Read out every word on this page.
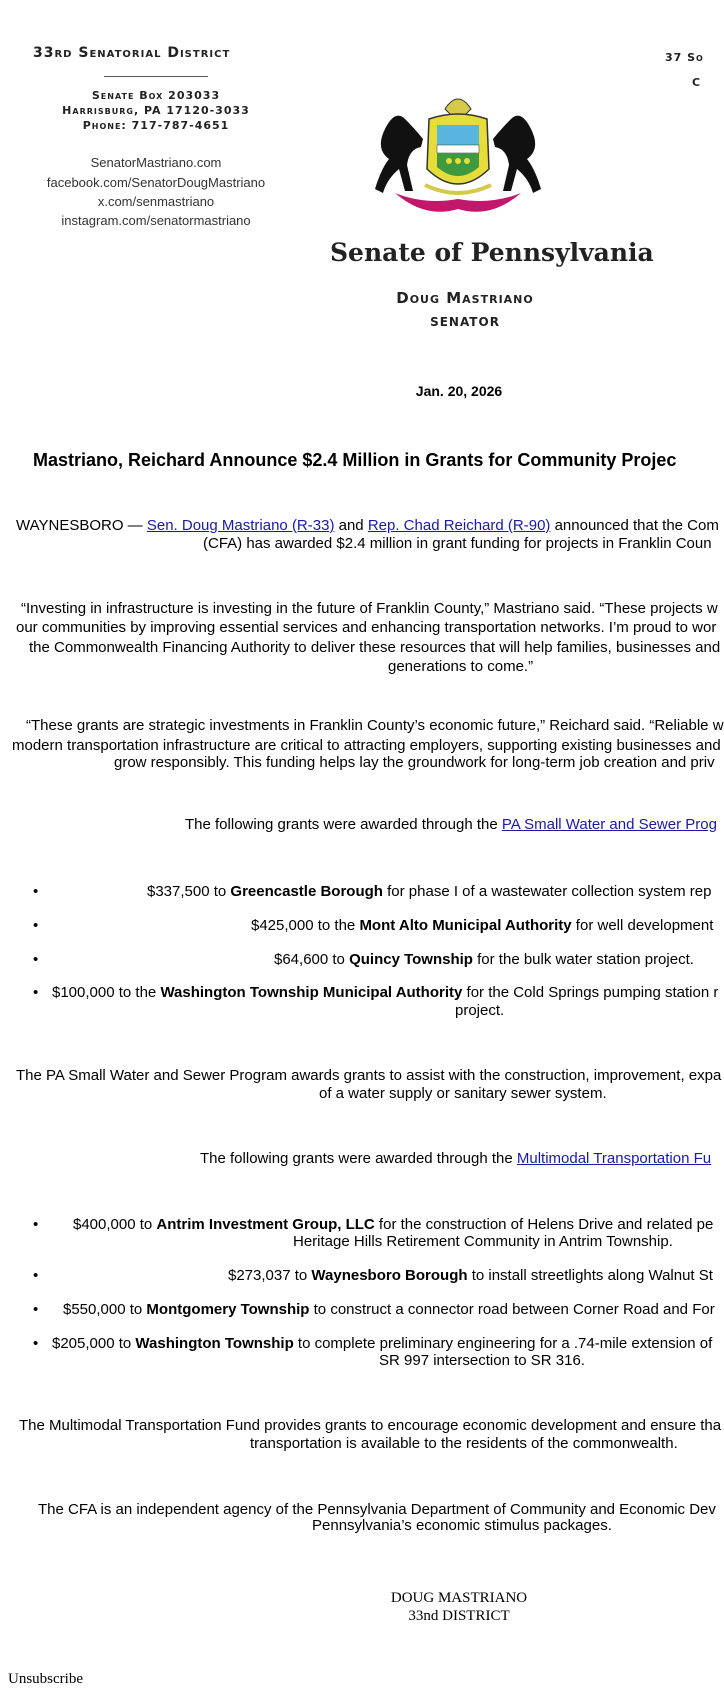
33rd Senatorial District
Senate Box 203033
Harrisburg, PA 17120-3033
Phone: 717-787-4651
SenatorMastriano.com
facebook.com/SenatorDougMastriano
x.com/senmastriano
instagram.com/senatormastriano
37 So
C
Senate of Pennsylvania
Doug Mastriano
SENATOR
Jan. 20, 2026
Mastriano, Reichard Announce $2.4 Million in Grants for Community Projec
WAYNESBORO — Sen. Doug Mastriano (R-33) and Rep. Chad Reichard (R-90) announced that the Com
(CFA) has awarded $2.4 million in grant funding for projects in Franklin Coun
“Investing in infrastructure is investing in the future of Franklin County,” Mastriano said. “These projects w
our communities by improving essential services and enhancing transportation networks. I’m proud to wor
the Commonwealth Financing Authority to deliver these resources that will help families, businesses and
generations to come.”
“These grants are strategic investments in Franklin County’s economic future,” Reichard said. “Reliable w
modern transportation infrastructure are critical to attracting employers, supporting existing businesses and
grow responsibly. This funding helps lay the groundwork for long-term job creation and priv
The following grants were awarded through the PA Small Water and Sewer Prog
•	$337,500 to Greencastle Borough for phase I of a wastewater collection system rep
•	$425,000 to the Mont Alto Municipal Authority for well development
•	$64,600 to Quincy Township for the bulk water station project.
• $100,000 to the Washington Township Municipal Authority for the Cold Springs pumping station r
project.
The PA Small Water and Sewer Program awards grants to assist with the construction, improvement, expa
of a water supply or sanitary sewer system.
The following grants were awarded through the Multimodal Transportation Fu
• $400,000 to Antrim Investment Group, LLC for the construction of Helens Drive and related pe
Heritage Hills Retirement Community in Antrim Township.
•	$273,037 to Waynesboro Borough to install streetlights along Walnut St
• $550,000 to Montgomery Township to construct a connector road between Corner Road and For
• $205,000 to Washington Township to complete preliminary engineering for a .74-mile extension of
SR 997 intersection to SR 316.
The Multimodal Transportation Fund provides grants to encourage economic development and ensure tha
transportation is available to the residents of the commonwealth.
The CFA is an independent agency of the Pennsylvania Department of Community and Economic Dev
Pennsylvania’s economic stimulus packages.
DOUG MASTRIANO
33nd DISTRICT
Unsubscribe
